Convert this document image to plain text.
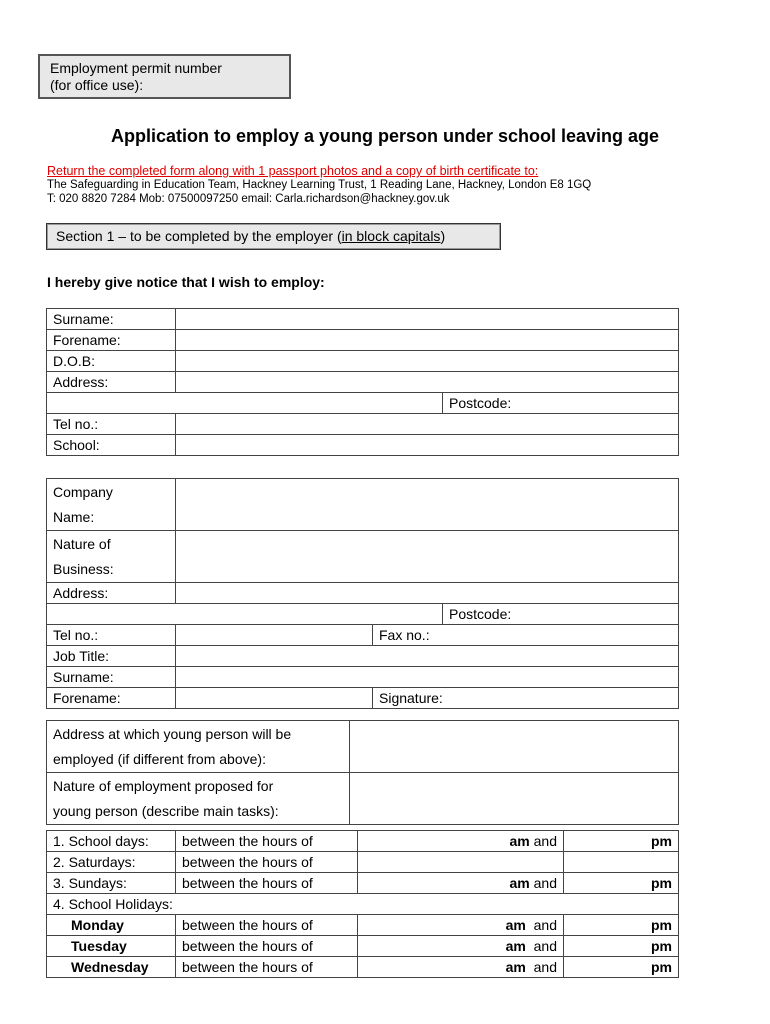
Employment permit number
(for office use):
Application to employ a young person under school leaving age
Return the completed form along with 1 passport photos and a copy of birth certificate to:
The Safeguarding in Education Team, Hackney Learning Trust, 1 Reading Lane, Hackney, London E8 1GQ
T: 020 8820 7284 Mob: 07500097250 email: Carla.richardson@hackney.gov.uk
Section 1 – to be completed by the employer (in block capitals)
I hereby give notice that I wish to employ:
Surname:		
Forename:		
D.O.B:		
Address:		
		Postcode:
Tel no.:		
School:		
Company
Name:			

Nature of
Business:			

Address:			
			Postcode:
Tel no.:		Fax no.:	
Job Title:			
Surname:			
Forename:		Signature:	
Address at which young person will be
employed (if different from above):	

Nature of employment proposed for
young person (describe main tasks):	

1. School days:	between the hours of	am and	pm
2. Saturdays:	between the hours of		
3. Sundays:	between the hours of	am and	pm
4. School Holidays:			
Monday	between the hours of	am and	pm
Tuesday	between the hours of	am and	pm
Wednesday	between the hours of	am and	pm
